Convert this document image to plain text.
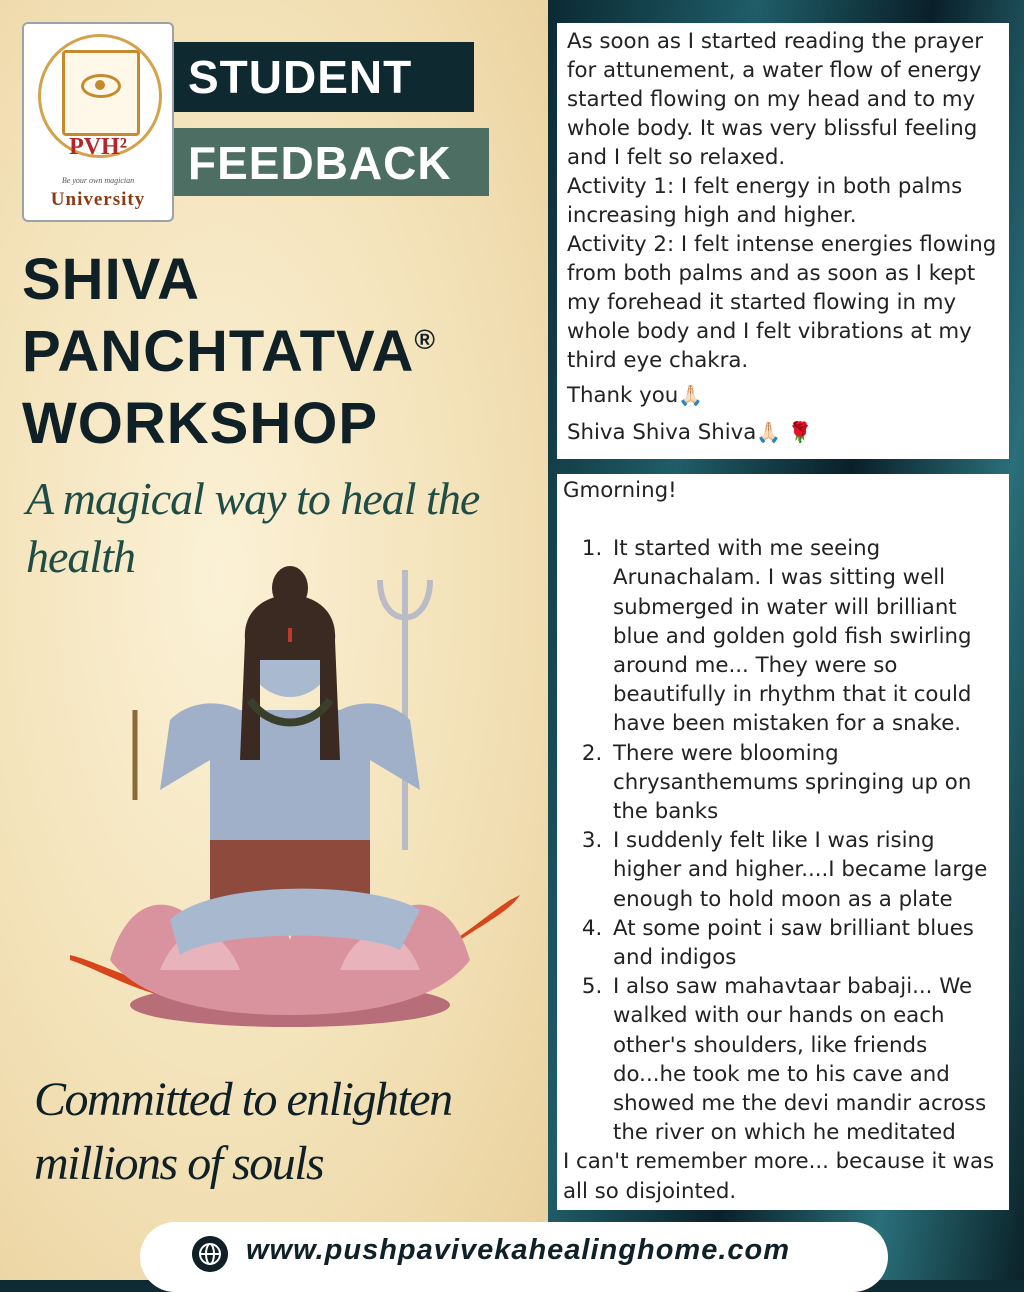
PVH²
Be your own magician
University
STUDENT
FEEDBACK
SHIVA
PANCHTATVA®
WORKSHOP
A magical way to heal the health
Committed to enlighten millions of souls

As soon as I started reading the prayer for attunement, a water flow of energy started flowing on my head and to my whole body. It was very blissful feeling and I felt so relaxed.

Activity 1: I felt energy in both palms increasing high and higher.

Activity 2: I felt intense energies flowing from both palms and as soon as I kept my forehead it started flowing in my whole body and I felt vibrations at my third eye chakra.

Thank you🙏🏻

Shiva Shiva Shiva🙏🏻 🌹

Gmorning!

1. It started with me seeing Arunachalam. I was sitting well submerged in water will brilliant blue and golden gold fish swirling around me... They were so beautifully in rhythm that it could have been mistaken for a snake.
2. There were blooming chrysanthemums springing up on the banks
3. I suddenly felt like I was rising higher and higher....I became large enough to hold moon as a plate
4. At some point i saw brilliant blues and indigos
5. I also saw mahavtaar babaji... We walked with our hands on each other's shoulders, like friends do...he took me to his cave and showed me the devi mandir across the river on which he meditated

I can't remember more... because it was all so disjointed.

www.pushpavivekahealinghome.com
